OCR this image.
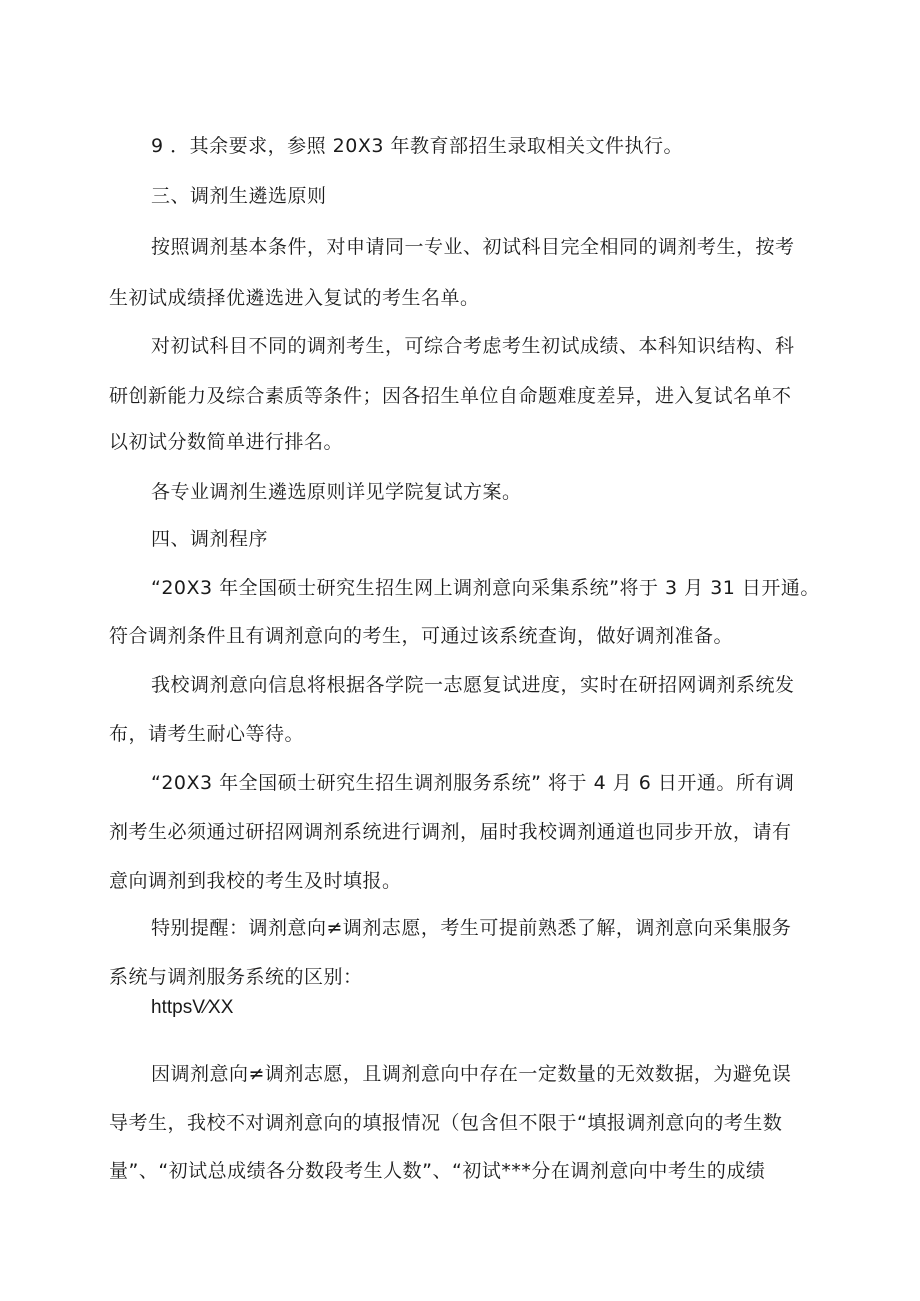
9 ．其余要求，参照 20X3 年教育部招生录取相关文件执行。

三、调剂生遴选原则

按照调剂基本条件，对申请同一专业、初试科目完全相同的调剂考生，按考

生初试成绩择优遴选进入复试的考生名单。

对初试科目不同的调剂考生，可综合考虑考生初试成绩、本科知识结构、科

研创新能力及综合素质等条件；因各招生单位自命题难度差异，进入复试名单不

以初试分数简单进行排名。

各专业调剂生遴选原则详见学院复试方案。

四、调剂程序

“20X3 年全国硕士研究生招生网上调剂意向采集系统”将于 3 月 31 日开通。

符合调剂条件且有调剂意向的考生，可通过该系统查询，做好调剂准备。

我校调剂意向信息将根据各学院一志愿复试进度，实时在研招网调剂系统发

布，请考生耐心等待。

“20X3 年全国硕士研究生招生调剂服务系统” 将于 4 月 6 日开通。所有调

剂考生必须通过研招网调剂系统进行调剂，届时我校调剂通道也同步开放，请有

意向调剂到我校的考生及时填报。

特别提醒：调剂意向≠调剂志愿，考生可提前熟悉了解，调剂意向采集服务

系统与调剂服务系统的区别：

httpsV∕XX

因调剂意向≠调剂志愿，且调剂意向中存在一定数量的无效数据，为避免误

导考生，我校不对调剂意向的填报情况（包含但不限于“填报调剂意向的考生数

量”、“初试总成绩各分数段考生人数”、“初试***分在调剂意向中考生的成绩
